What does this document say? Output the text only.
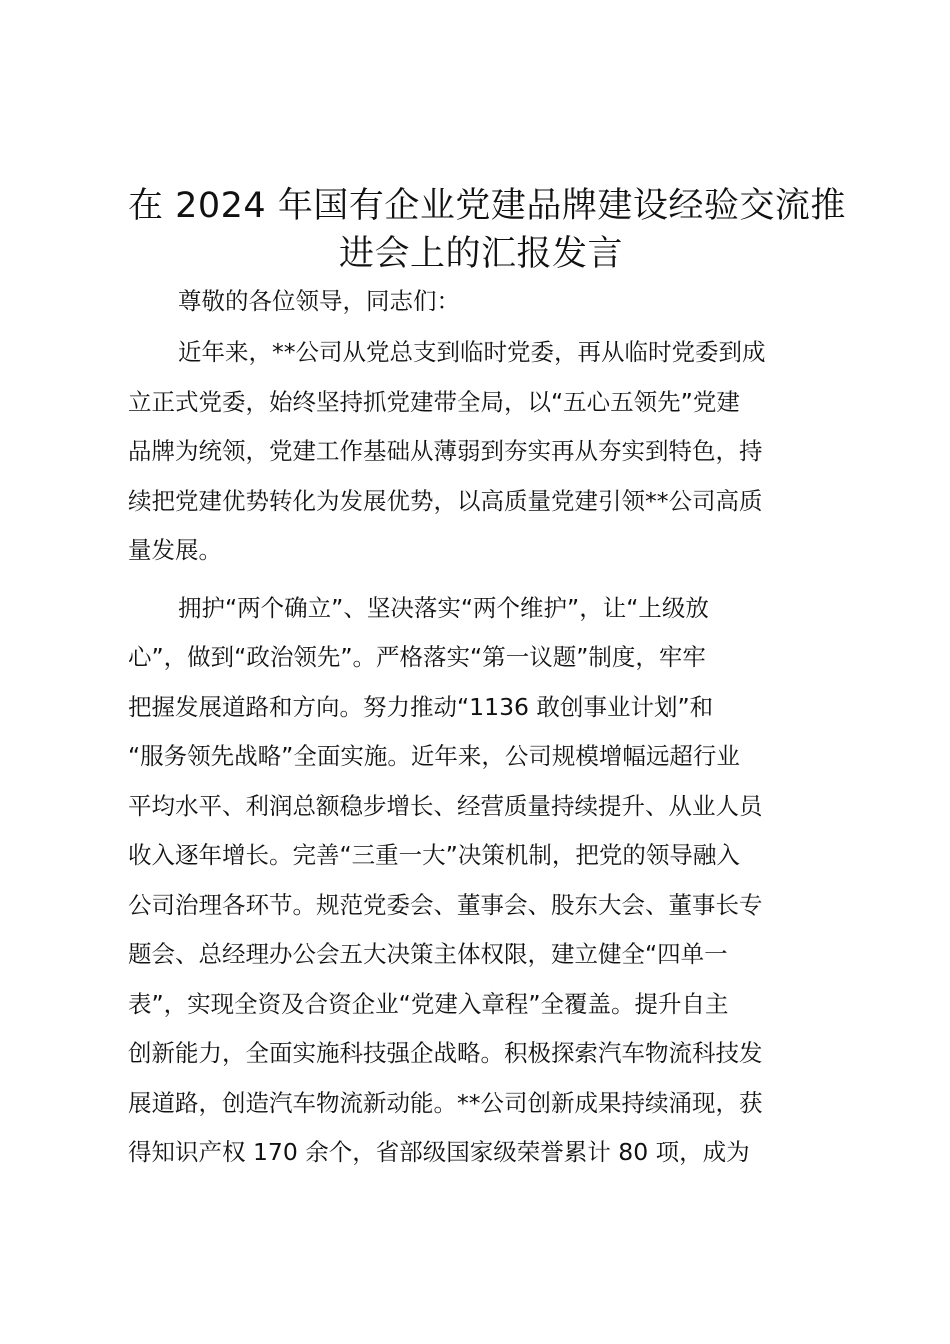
在 2024 年国有企业党建品牌建设经验交流推
进会上的汇报发言

尊敬的各位领导，同志们：

近年来，**公司从党总支到临时党委，再从临时党委到成
立正式党委，始终坚持抓党建带全局，以“五心五领先”党建
品牌为统领，党建工作基础从薄弱到夯实再从夯实到特色，持
续把党建优势转化为发展优势，以高质量党建引领**公司高质
量发展。

拥护“两个确立”、坚决落实“两个维护”，让“上级放
心”，做到“政治领先”。严格落实“第一议题”制度，牢牢
把握发展道路和方向。努力推动“1136 敢创事业计划”和
“服务领先战略”全面实施。近年来，公司规模增幅远超行业
平均水平、利润总额稳步增长、经营质量持续提升、从业人员
收入逐年增长。完善“三重一大”决策机制，把党的领导融入
公司治理各环节。规范党委会、董事会、股东大会、董事长专
题会、总经理办公会五大决策主体权限，建立健全“四单一
表”，实现全资及合资企业“党建入章程”全覆盖。提升自主
创新能力，全面实施科技强企战略。积极探索汽车物流科技发
展道路，创造汽车物流新动能。**公司创新成果持续涌现，获
得知识产权 170 余个，省部级国家级荣誉累计 80 项，成为
